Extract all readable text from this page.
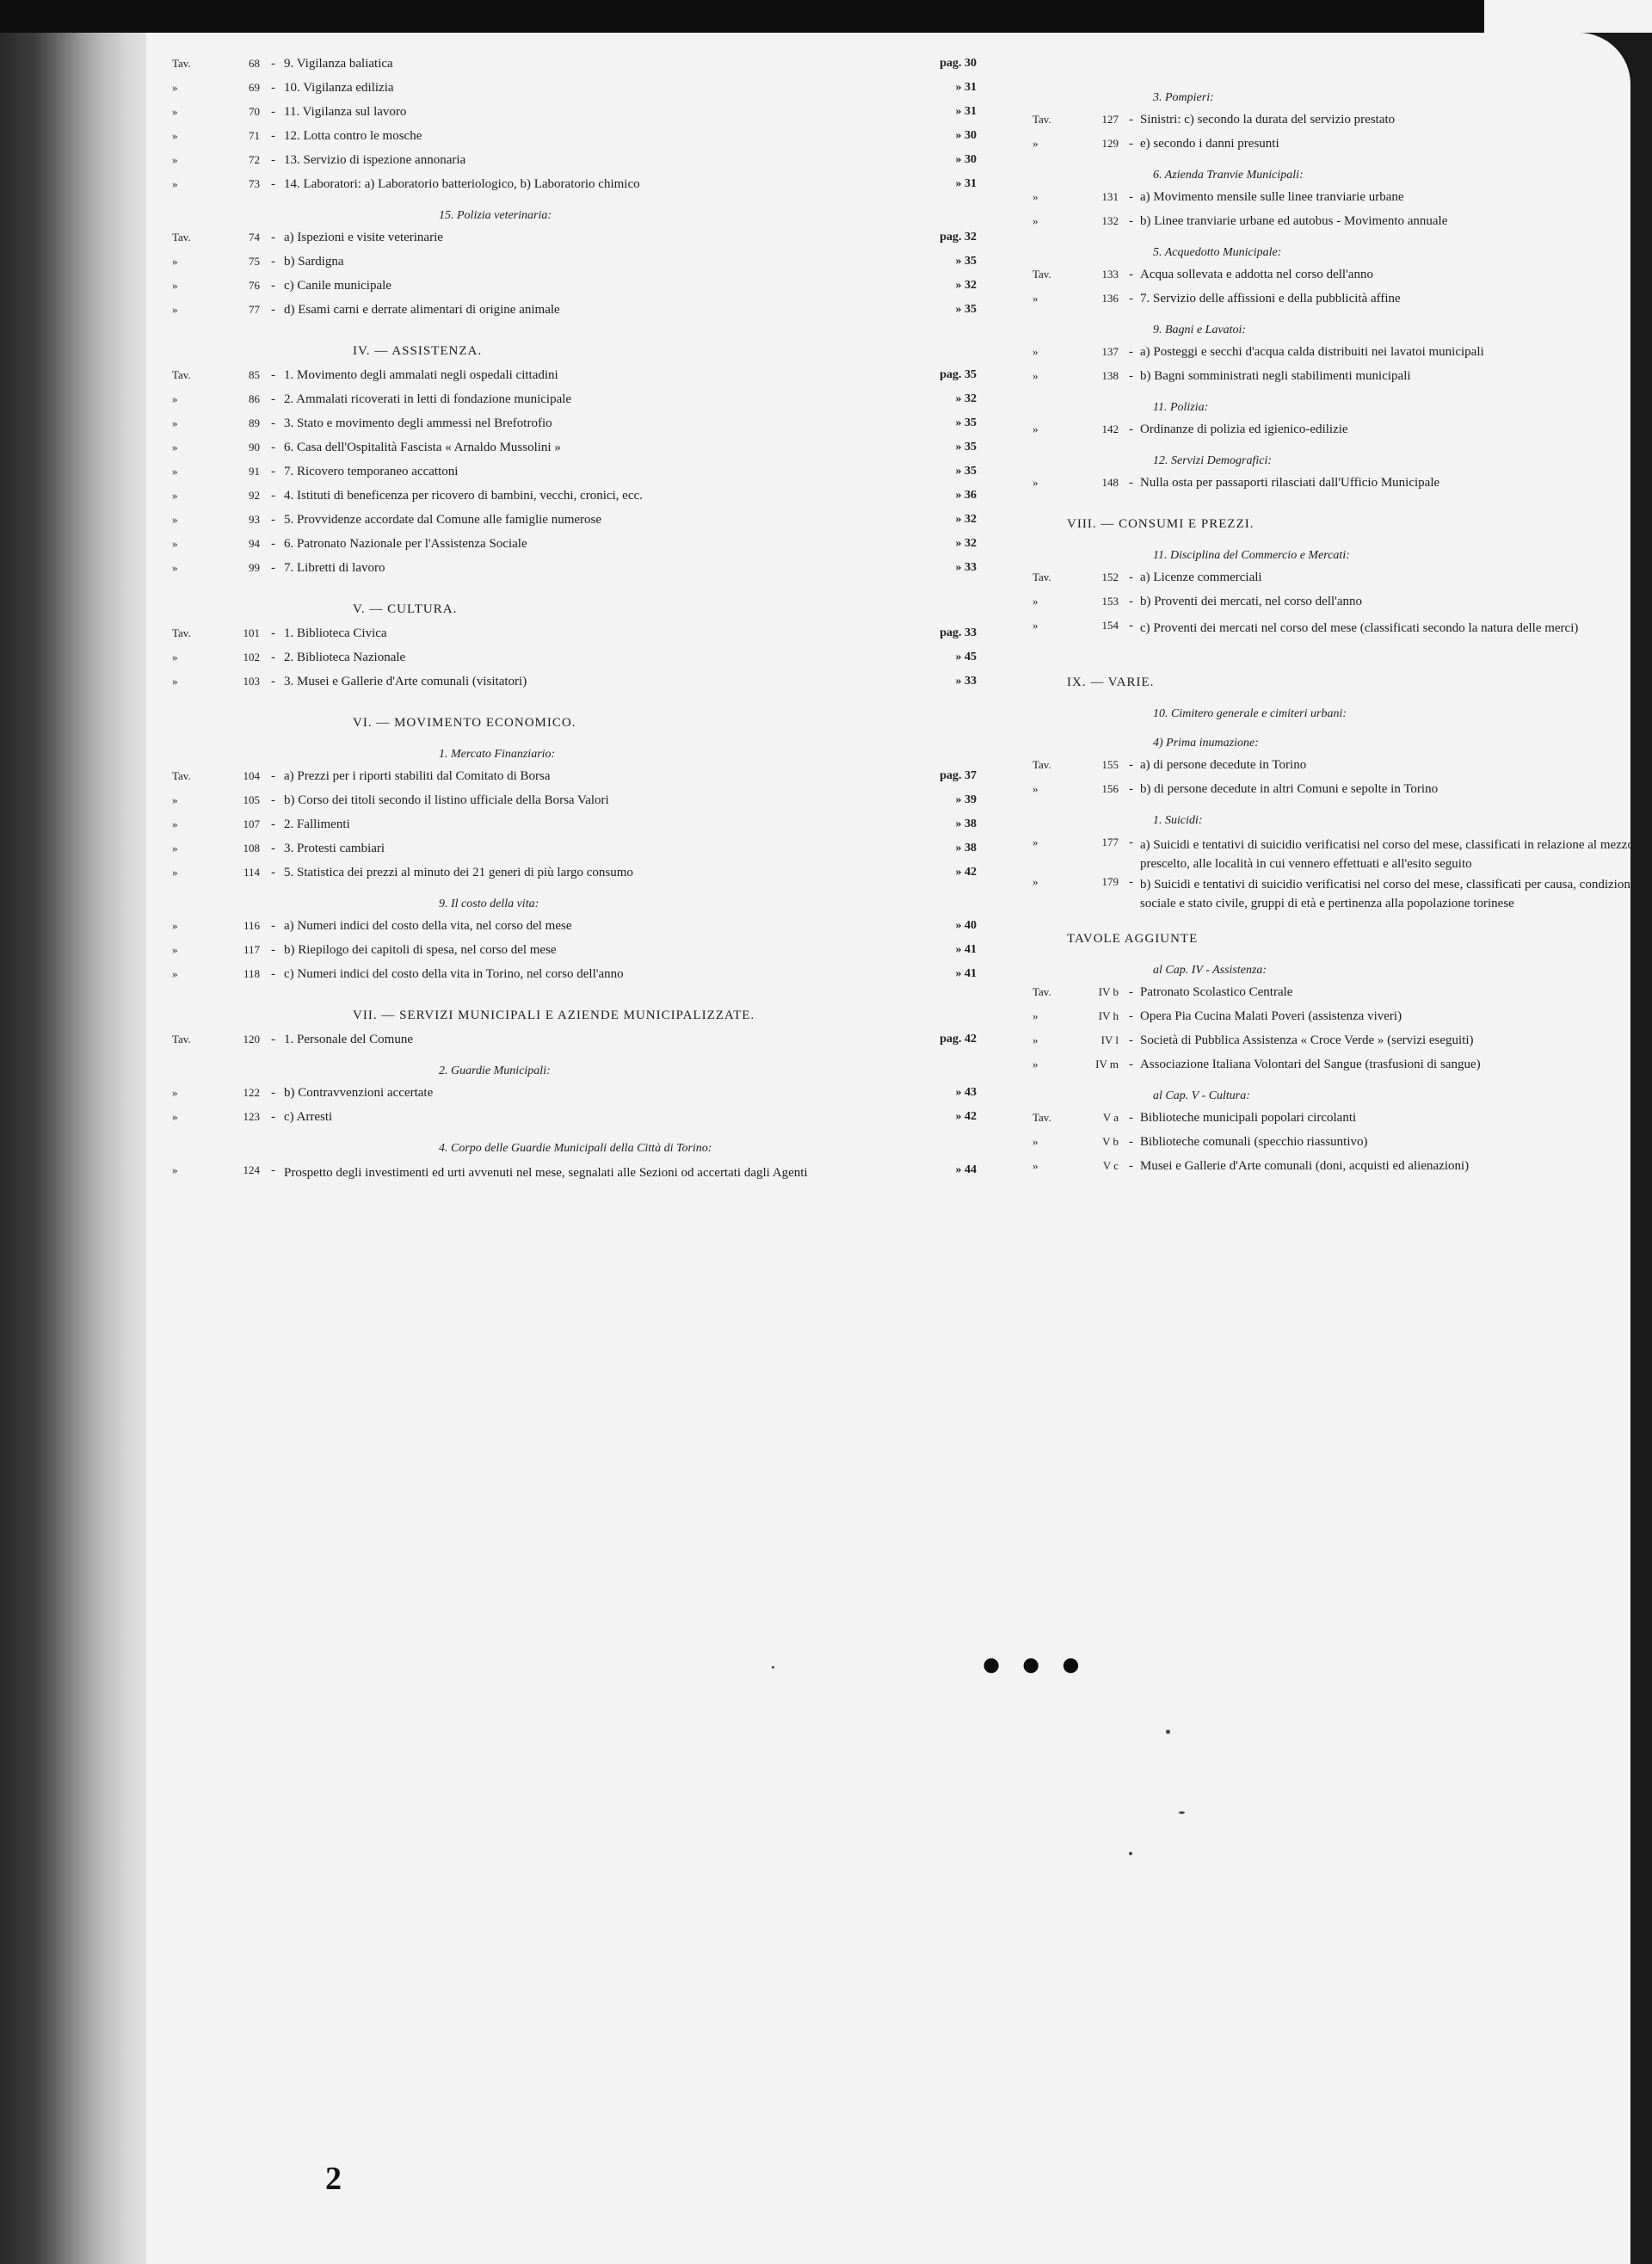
Tav.	68 - 9. Vigilanza baliatica	pag. 30
»	69 - 10. Vigilanza edilizia	» 31
»	70 - 11. Vigilanza sul lavoro	» 31
»	71 - 12. Lotta contro le mosche	» 30
»	72 - 13. Servizio di ispezione annonaria	» 30
»	73 - 14. Laboratori: a) Laboratorio batteriologico, b) Laboratorio chimico	» 31
15. Polizia veterinaria:
Tav.	74 - a) Ispezioni e visite veterinarie	pag. 32
»	75 - b) Sardigna	» 35
»	76 - c) Canile municipale	» 32
»	77 - d) Esami carni e derrate alimentari di origine animale	» 35
IV. — ASSISTENZA.
Tav.	85 - 1. Movimento degli ammalati negli ospedali cittadini	pag. 35
»	86 - 2. Ammalati ricoverati in letti di fondazione municipale	» 32
»	89 - 3. Stato e movimento degli ammessi nel Brefotrofio	» 35
»	90 - 6. Casa dell'Ospitalità Fascista « Arnaldo Mussolini »	» 35
»	91 - 7. Ricovero temporaneo accattoni	» 35
»	92 - 4. Istituti di beneficenza per ricovero di bambini, vecchi, cronici, ecc.	» 36
»	93 - 5. Provvidenze accordate dal Comune alle famiglie numerose	» 32
»	94 - 6. Patronato Nazionale per l'Assistenza Sociale	» 32
»	99 - 7. Libretti di lavoro	» 33
V. — CULTURA.
Tav.	101 - 1. Biblioteca Civica	pag. 33
»	102 - 2. Biblioteca Nazionale	» 45
»	103 - 3. Musei e Gallerie d'Arte comunali (visitatori)	» 33
VI. — MOVIMENTO ECONOMICO.
1. Mercato Finanziario:
Tav.	104 - a) Prezzi per i riporti stabiliti dal Comitato di Borsa	pag. 37
»	105 - b) Corso dei titoli secondo il listino ufficiale della Borsa Valori	» 39
»	107 - 2. Fallimenti	» 38
»	108 - 3. Protesti cambiari	» 38
»	114 - 5. Statistica dei prezzi al minuto dei 21 generi di più largo consumo	» 42
9. Il costo della vita:
»	116 - a) Numeri indici del costo della vita, nel corso del mese	» 40
»	117 - b) Riepilogo dei capitoli di spesa, nel corso del mese	» 41
»	118 - c) Numeri indici del costo della vita in Torino, nel corso dell'anno	» 41
VII. — SERVIZI MUNICIPALI E AZIENDE MUNICIPALIZZATE.
Tav.	120 - 1. Personale del Comune	pag. 42
2. Guardie Municipali:
»	122 - b) Contravvenzioni accertate	» 43
»	123 - c) Arresti	» 42
4. Corpo delle Guardie Municipali della Città di Torino:
»	124 - Prospetto degli investimenti ed urti avvenuti nel mese, segnalati alle Sezioni od accertati dagli Agenti	» 44
3. Pompieri:
Tav.	127 - Sinistri: c) secondo la durata del servizio prestato
»	129 - e) secondo i danni presunti
6. Azienda Tranvie Municipali:
»	131 - a) Movimento mensile sulle linee tranviarie urbane
»	132 - b) Linee tranviarie urbane ed autobus - Movimento annuale
5. Acquedotto Municipale:
Tav.	133 - Acqua sollevata e addotta nel corso dell'anno
»	136 - 7. Servizio delle affissioni e della pubblicità affine
9. Bagni e Lavatoi:
»	137 - a) Posteggi e secchi d'acqua calda distribuiti nei lavatoi municipali
»	138 - b) Bagni somministrati negli stabilimenti municipali
11. Polizia:
»	142 - Ordinanze di polizia ed igienico-edilizie
12. Servizi Demografici:
»	148 - Nulla osta per passaporti rilasciati dall'Ufficio Municipale
VIII. — CONSUMI E PREZZI.
11. Disciplina del Commercio e Mercati:
Tav.	152 - a) Licenze commerciali
»	153 - b) Proventi dei mercati, nel corso dell'anno
»	154 - c) Proventi dei mercati nel corso del mese (classificati secondo la natura delle merci)
IX. — VARIE.
10. Cimitero generale e cimiteri urbani:
4) Prima inumazione:
Tav.	155 - a) di persone decedute in Torino
»	156 - b) di persone decedute in altri Comuni e sepolte in Torino
1. Suicidi:
»	177 - a) Suicidi e tentativi di suicidio verificatisi nel corso del mese, classificati in relazione al mezzo prescelto, alle località in cui vennero effettuati e all'esito seguito
»	179 - b) Suicidi e tentativi di suicidio verificatisi nel corso del mese, classificati per causa, condizione sociale e stato civile, gruppi di età e pertinenza alla popolazione torinese
TAVOLE AGGIUNTE
al Cap. IV - Assistenza:
Tav.	IV b - Patronato Scolastico Centrale
»	IV h - Opera Pia Cucina Malati Poveri (assistenza viveri)
»	IV l - Società di Pubblica Assistenza « Croce Verde » (servizi eseguiti)
»	IV m - Associazione Italiana Volontari del Sangue (trasfusioni di sangue)
al Cap. V - Cultura:
Tav.	V a - Biblioteche municipali popolari circolanti
»	V b - Biblioteche comunali (specchio riassuntivo)
»	V c - Musei e Gallerie d'Arte comunali (doni, acquisti ed alienazioni)
● ● ●
2
